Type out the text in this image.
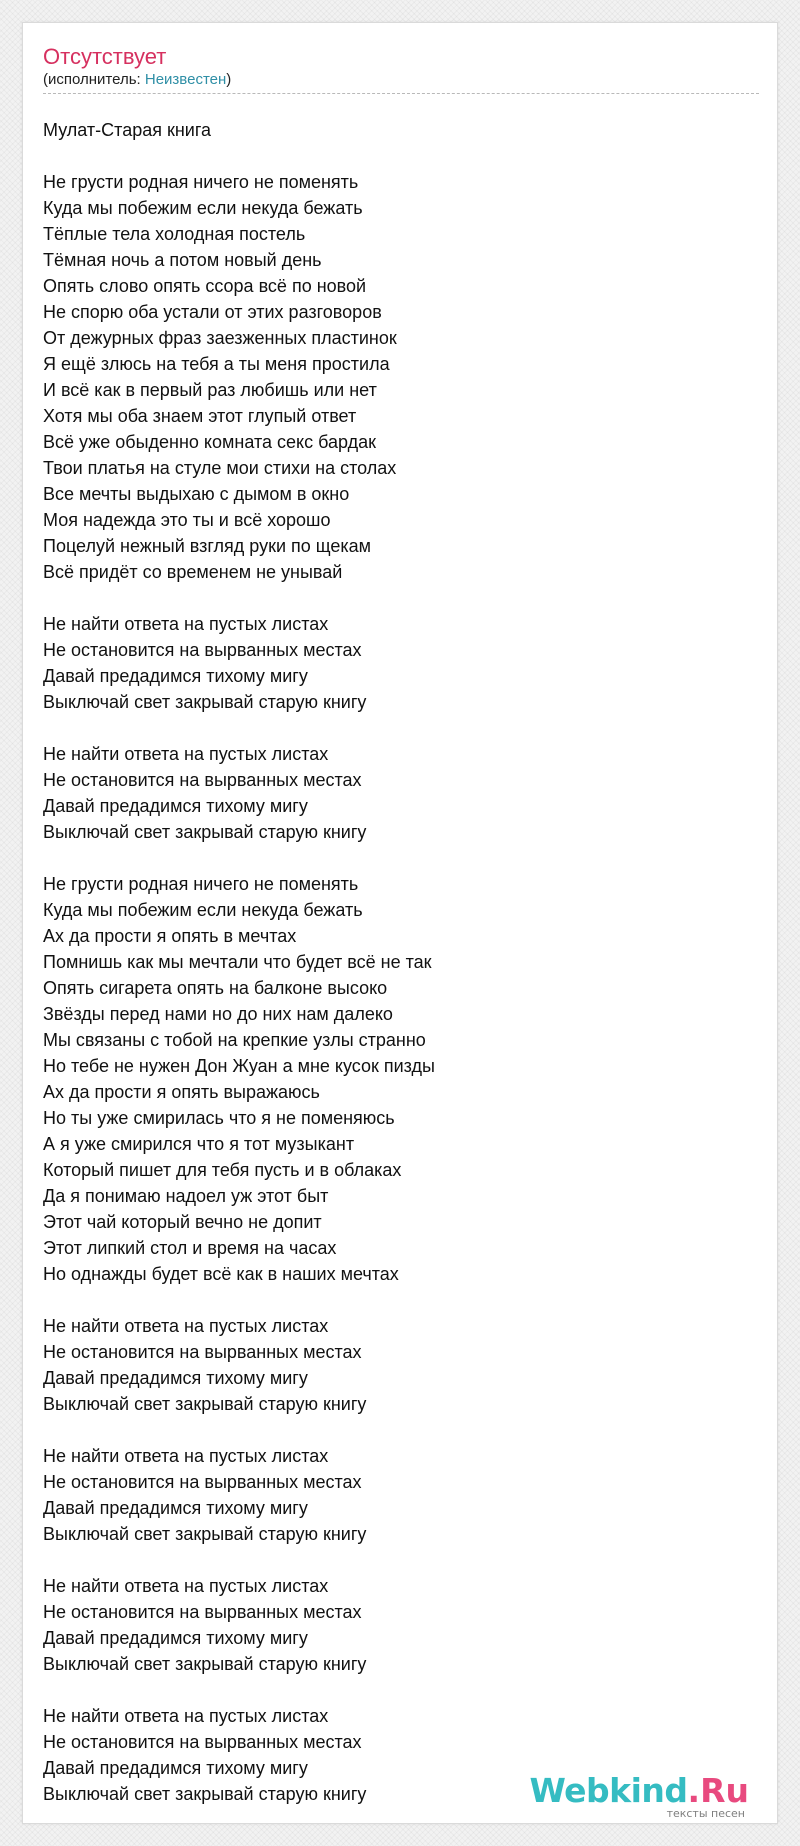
Отсутствует
(исполнитель: Неизвестен)
Мулат-Старая книга
Не грусти родная ничего не поменять
Куда мы побежим если некуда бежать
Тёплые тела холодная постель
Тёмная ночь а потом новый день
Опять слово опять ссора всё по новой
Не спорю оба устали от этих разговоров
От дежурных фраз заезженных пластинок
Я ещё злюсь на тебя а ты меня простила
И всё как в первый раз любишь или нет
Хотя мы оба знаем этот глупый ответ
Всё уже обыденно комната секс бардак
Твои платья на стуле мои стихи на столах
Все мечты выдыхаю с дымом в окно
Моя надежда это ты и всё хорошо
Поцелуй нежный взгляд руки по щекам
Всё придёт со временем не унывай
Не найти ответа на пустых листах
Не остановится на вырванных местах
Давай предадимся тихому мигу
Выключай свет закрывай старую книгу
Не найти ответа на пустых листах
Не остановится на вырванных местах
Давай предадимся тихому мигу
Выключай свет закрывай старую книгу
Не грусти родная ничего не поменять
Куда мы побежим если некуда бежать
Ах да прости я опять в мечтах
Помнишь как мы мечтали что будет всё не так
Опять сигарета опять на балконе высоко
Звёзды перед нами но до них нам далеко
Мы связаны с тобой на крепкие узлы странно
Но тебе не нужен Дон Жуан а мне кусок пизды
Ах да прости я опять выражаюсь
Но ты уже смирилась что я не поменяюсь
А я уже смирился что я тот музыкант
Который пишет для тебя пусть и в облаках
Да я понимаю надоел уж этот быт
Этот чай который вечно не допит
Этот липкий стол и время на часах
Но однажды будет всё как в наших мечтах
Не найти ответа на пустых листах
Не остановится на вырванных местах
Давай предадимся тихому мигу
Выключай свет закрывай старую книгу
Не найти ответа на пустых листах
Не остановится на вырванных местах
Давай предадимся тихому мигу
Выключай свет закрывай старую книгу
Не найти ответа на пустых листах
Не остановится на вырванных местах
Давай предадимся тихому мигу
Выключай свет закрывай старую книгу
Не найти ответа на пустых листах
Не остановится на вырванных местах
Давай предадимся тихому мигу
Выключай свет закрывай старую книгу	Webkind.Ru
тексты песен
